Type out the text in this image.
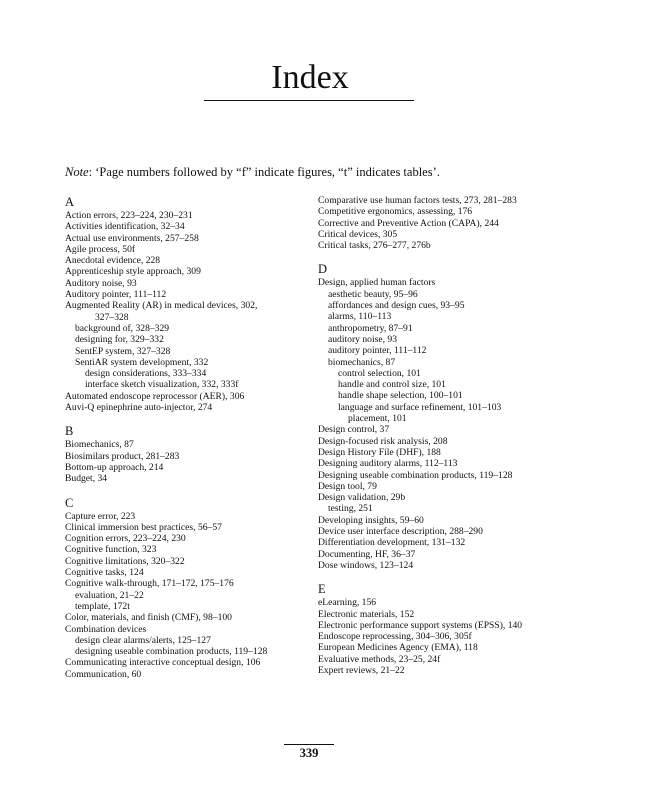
Index
Note: ‘Page numbers followed by “f” indicate figures, “t” indicates tables’.
A
Action errors, 223–224, 230–231
Activities identification, 32–34
Actual use environments, 257–258
Agile process, 50f
Anecdotal evidence, 228
Apprenticeship style approach, 309
Auditory noise, 93
Auditory pointer, 111–112
Augmented Reality (AR) in medical devices, 302,
327–328
background of, 328–329
designing for, 329–332
SentEP system, 327–328
SentiAR system development, 332
design considerations, 333–334
interface sketch visualization, 332, 333f
Automated endoscope reprocessor (AER), 306
Auvi-Q epinephrine auto-injector, 274
B
Biomechanics, 87
Biosimilars product, 281–283
Bottom-up approach, 214
Budget, 34
C
Capture error, 223
Clinical immersion best practices, 56–57
Cognition errors, 223–224, 230
Cognitive function, 323
Cognitive limitations, 320–322
Cognitive tasks, 124
Cognitive walk-through, 171–172, 175–176
evaluation, 21–22
template, 172t
Color, materials, and finish (CMF), 98–100
Combination devices
design clear alarms/alerts, 125–127
designing useable combination products, 119–128
Communicating interactive conceptual design, 106
Communication, 60
Comparative use human factors tests, 273, 281–283
Competitive ergonomics, assessing, 176
Corrective and Preventive Action (CAPA), 244
Critical devices, 305
Critical tasks, 276–277, 276b
D
Design, applied human factors
aesthetic beauty, 95–96
affordances and design cues, 93–95
alarms, 110–113
anthropometry, 87–91
auditory noise, 93
auditory pointer, 111–112
biomechanics, 87
control selection, 101
handle and control size, 101
handle shape selection, 100–101
language and surface refinement, 101–103
placement, 101
Design control, 37
Design-focused risk analysis, 208
Design History File (DHF), 188
Designing auditory alarms, 112–113
Designing useable combination products, 119–128
Design tool, 79
Design validation, 29b
testing, 251
Developing insights, 59–60
Device user interface description, 288–290
Differentiation development, 131–132
Documenting, HF, 36–37
Dose windows, 123–124
E
eLearning, 156
Electronic materials, 152
Electronic performance support systems (EPSS), 140
Endoscope reprocessing, 304–306, 305f
European Medicines Agency (EMA), 118
Evaluative methods, 23–25, 24f
Expert reviews, 21–22
339
